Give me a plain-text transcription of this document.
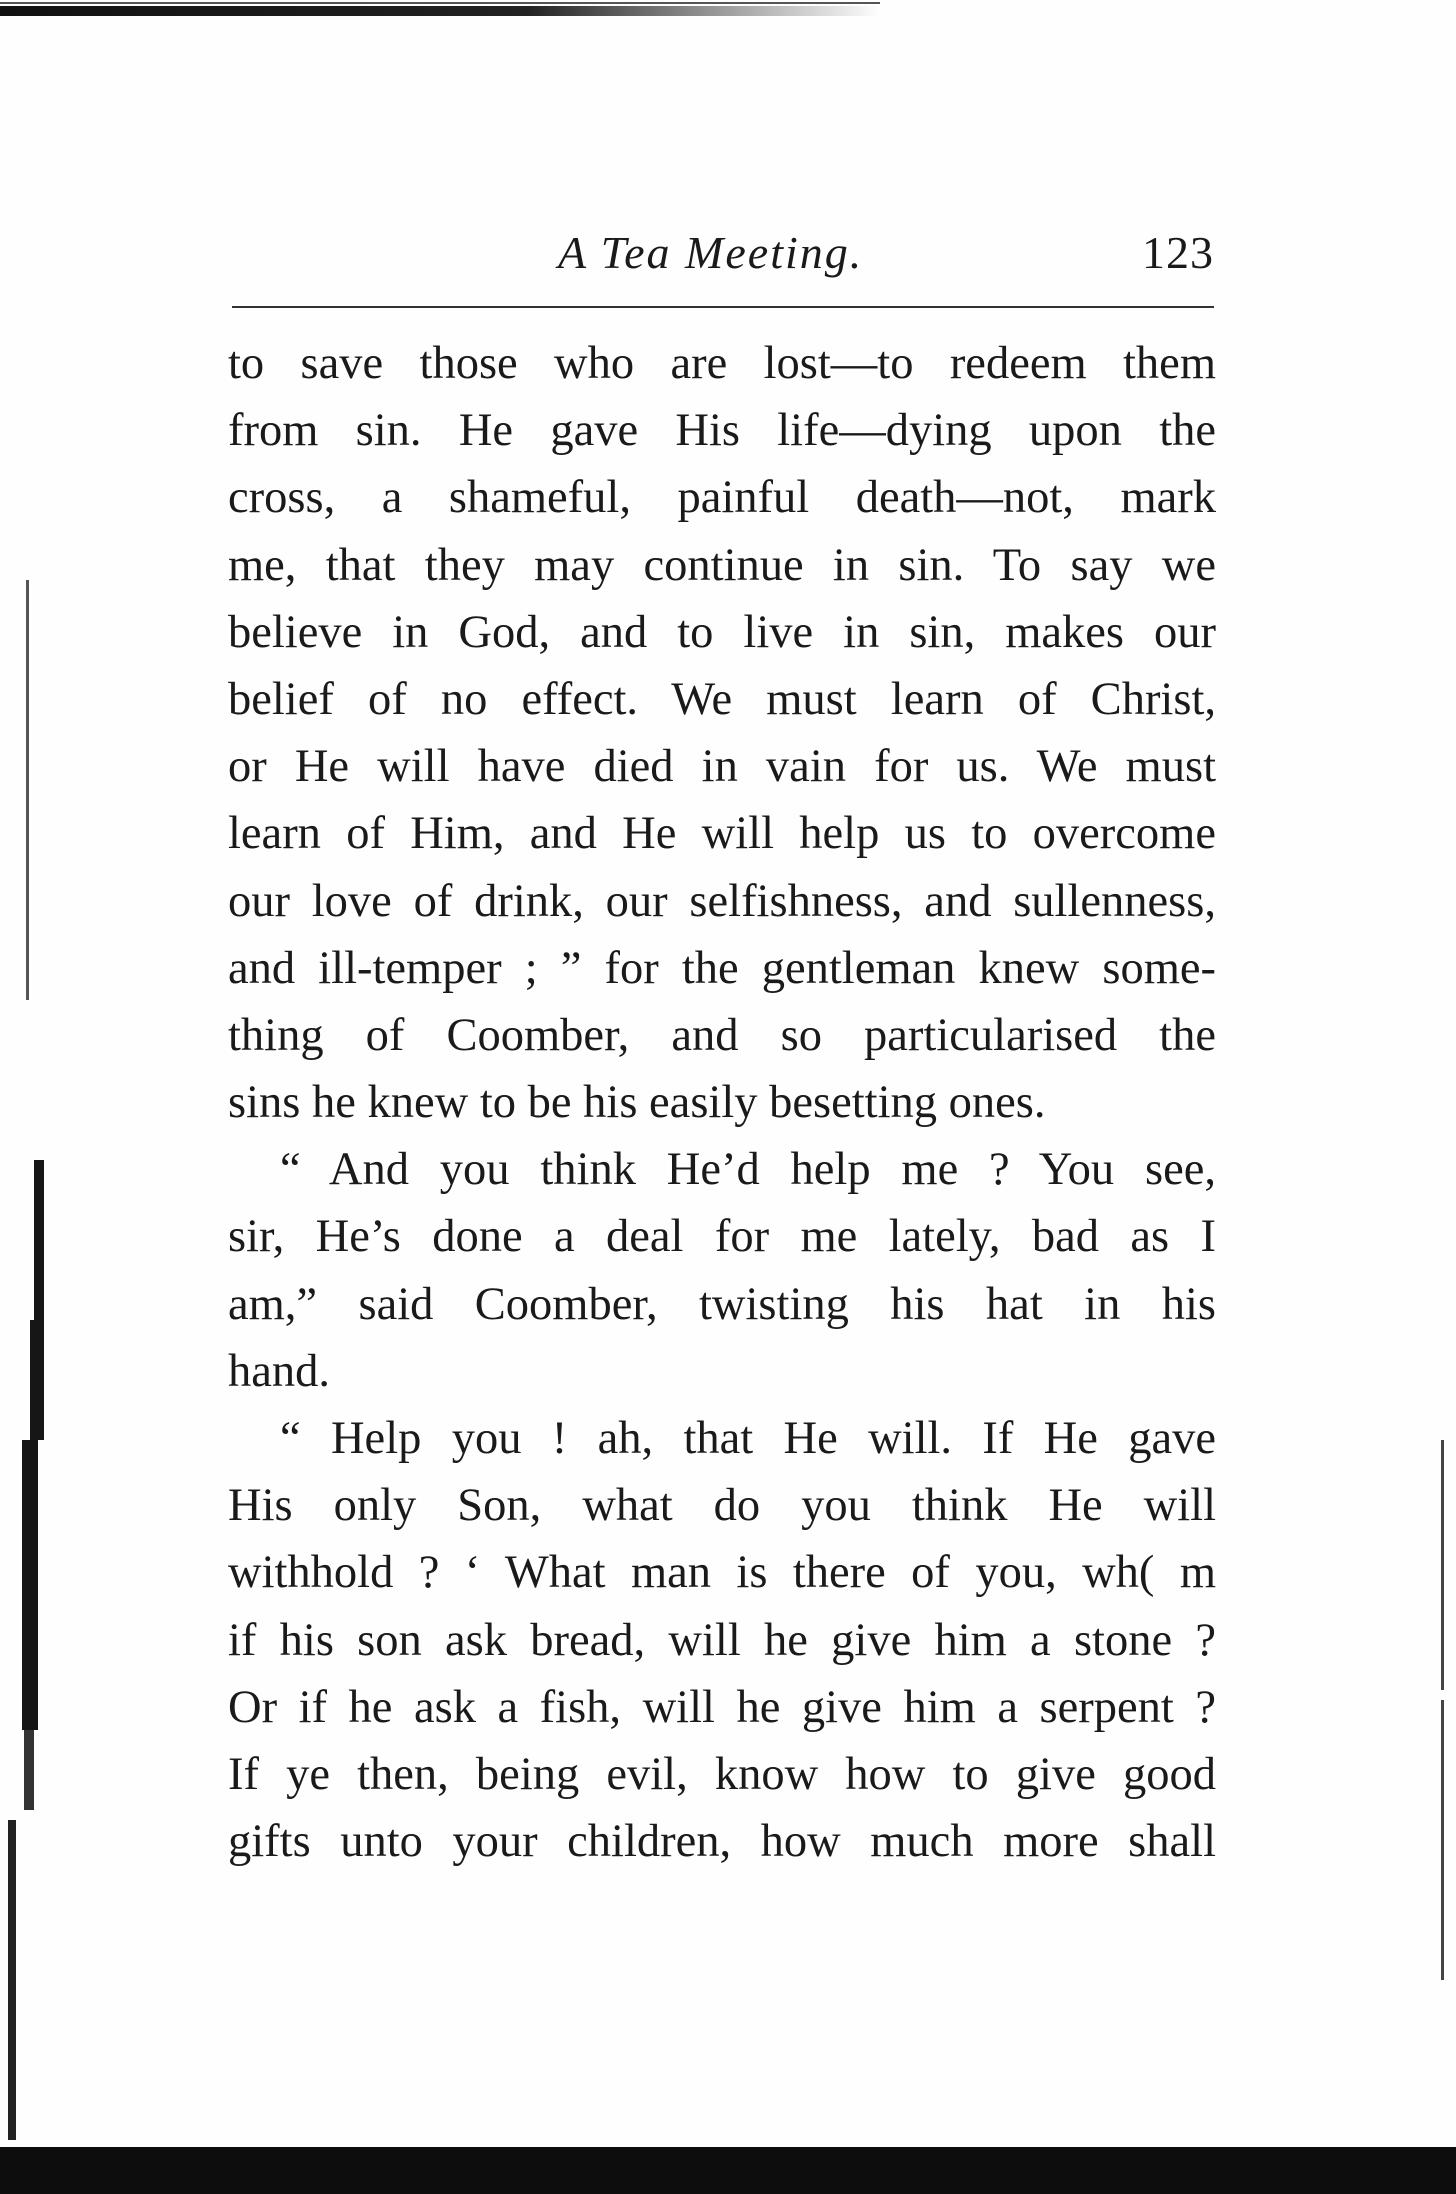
A Tea Meeting.	123
to save those who are lost—to redeem them
from sin. He gave His life—dying upon the
cross, a shameful, painful death—not, mark
me, that they may continue in sin. To say we
believe in God, and to live in sin, makes our
belief of no effect. We must learn of Christ,
or He will have died in vain for us. We must
learn of Him, and He will help us to overcome
our love of drink, our selfishness, and sullenness,
and ill-temper ; ” for the gentleman knew some-
thing of Coomber, and so particularised the
sins he knew to be his easily besetting ones.
“ And you think He’d help me ? You see,
sir, He’s done a deal for me lately, bad as I
am,” said Coomber, twisting his hat in his
hand.
“ Help you ! ah, that He will. If He gave
His only Son, what do you think He will
withhold ? ‘ What man is there of you, wh( m
if his son ask bread, will he give him a stone ?
Or if he ask a fish, will he give him a serpent ?
If ye then, being evil, know how to give good
gifts unto your children, how much more shall
